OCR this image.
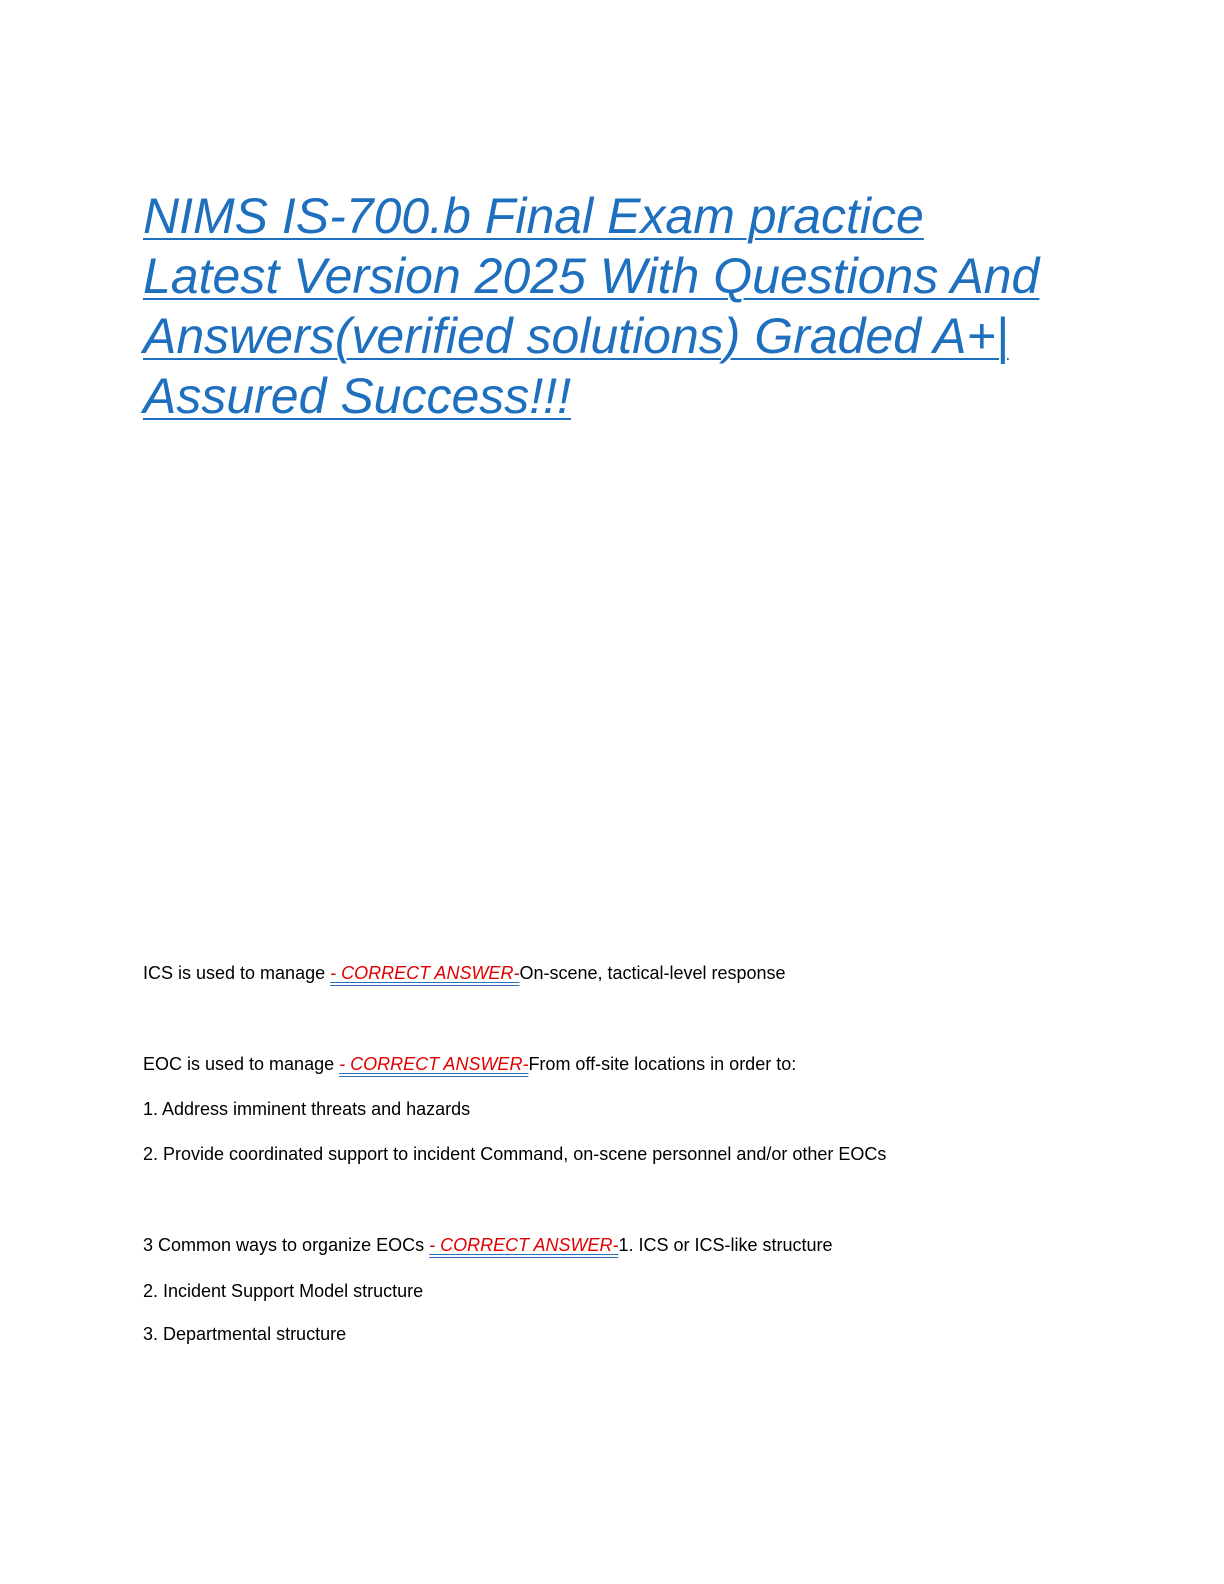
NIMS IS-700.b Final Exam practice
Latest Version 2025 With Questions And
Answers(verified solutions) Graded A+|
Assured Success!!!

ICS is used to manage - CORRECT ANSWER-On-scene, tactical-level response

EOC is used to manage - CORRECT ANSWER-From off-site locations in order to:

1. Address imminent threats and hazards

2. Provide coordinated support to incident Command, on-scene personnel and/or other EOCs

3 Common ways to organize EOCs - CORRECT ANSWER-1. ICS or ICS-like structure

2. Incident Support Model structure

3. Departmental structure
